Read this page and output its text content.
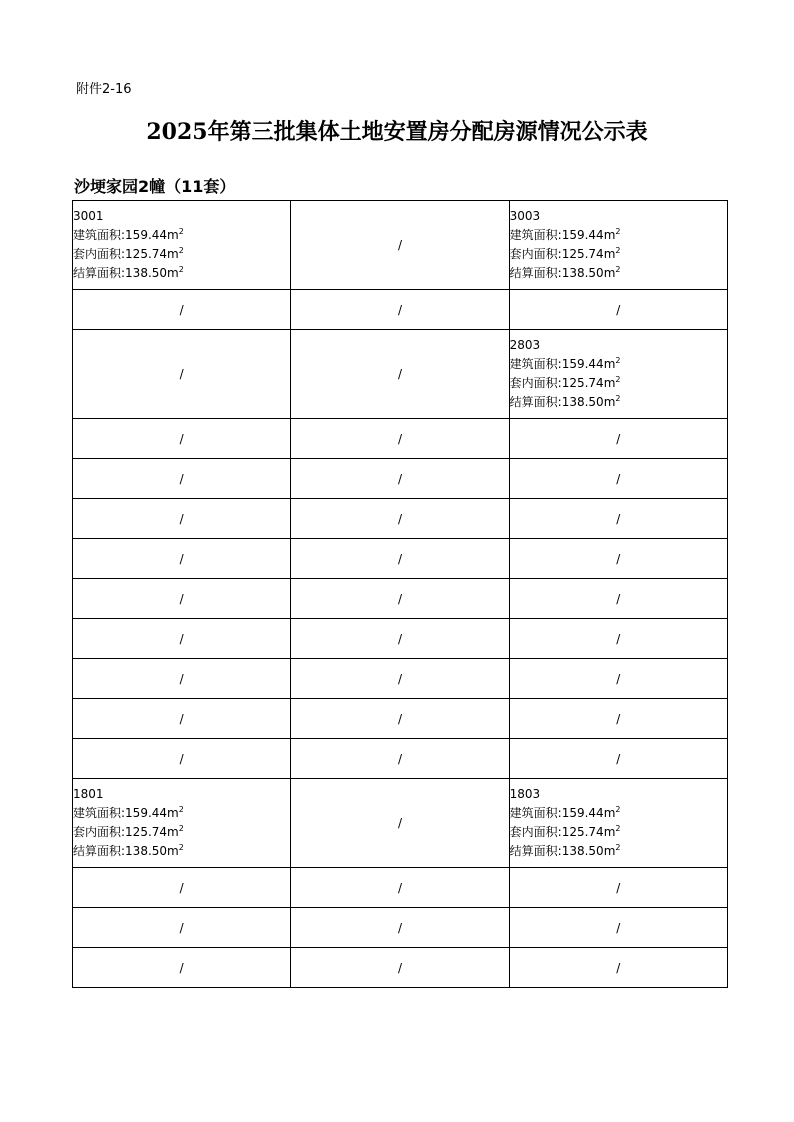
附件2-16
2025年第三批集体土地安置房分配房源情况公示表
沙埂家园2幢（11套）
3001
建筑面积$:159.44m^2$
套内面积$:125.74m^2$
结算面积$:138.50m^2$	/	3003
建筑面积$:159.44m^2$
套内面积$:125.74m^2$
结算面积$:138.50m^2$

/	/	/
/	/	2803
建筑面积$:159.44m^2$
套内面积$:125.74m^2$
结算面积$:138.50m^2$

/	/	/
/	/	/
/	/	/
/	/	/
/	/	/
/	/	/
/	/	/
/	/	/
/	/	/

1801
建筑面积$:159.44m^2$
套内面积$:125.74m^2$
结算面积$:138.50m^2$	/	1803
建筑面积$:159.44m^2$
套内面积$:125.74m^2$
结算面积$:138.50m^2$

/	/	/
/	/	/
/	/	/
